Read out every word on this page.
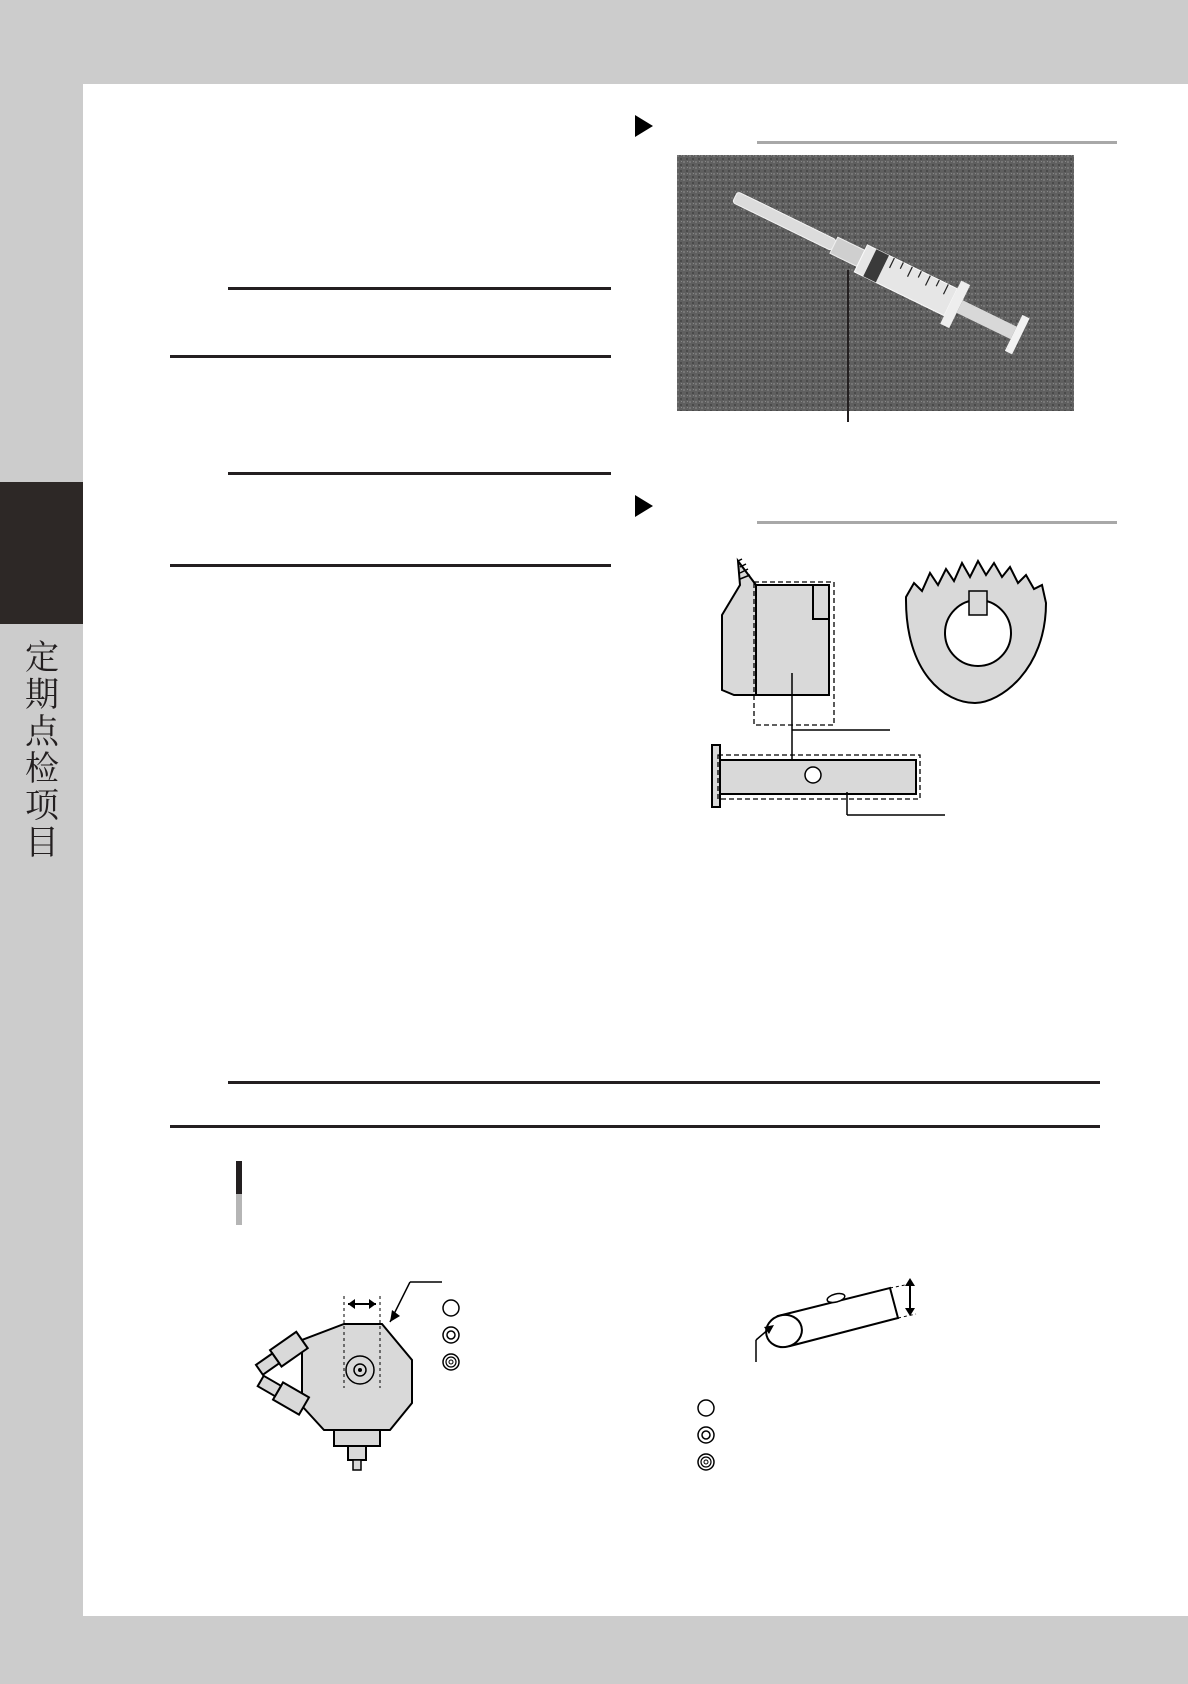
定期点检项目
